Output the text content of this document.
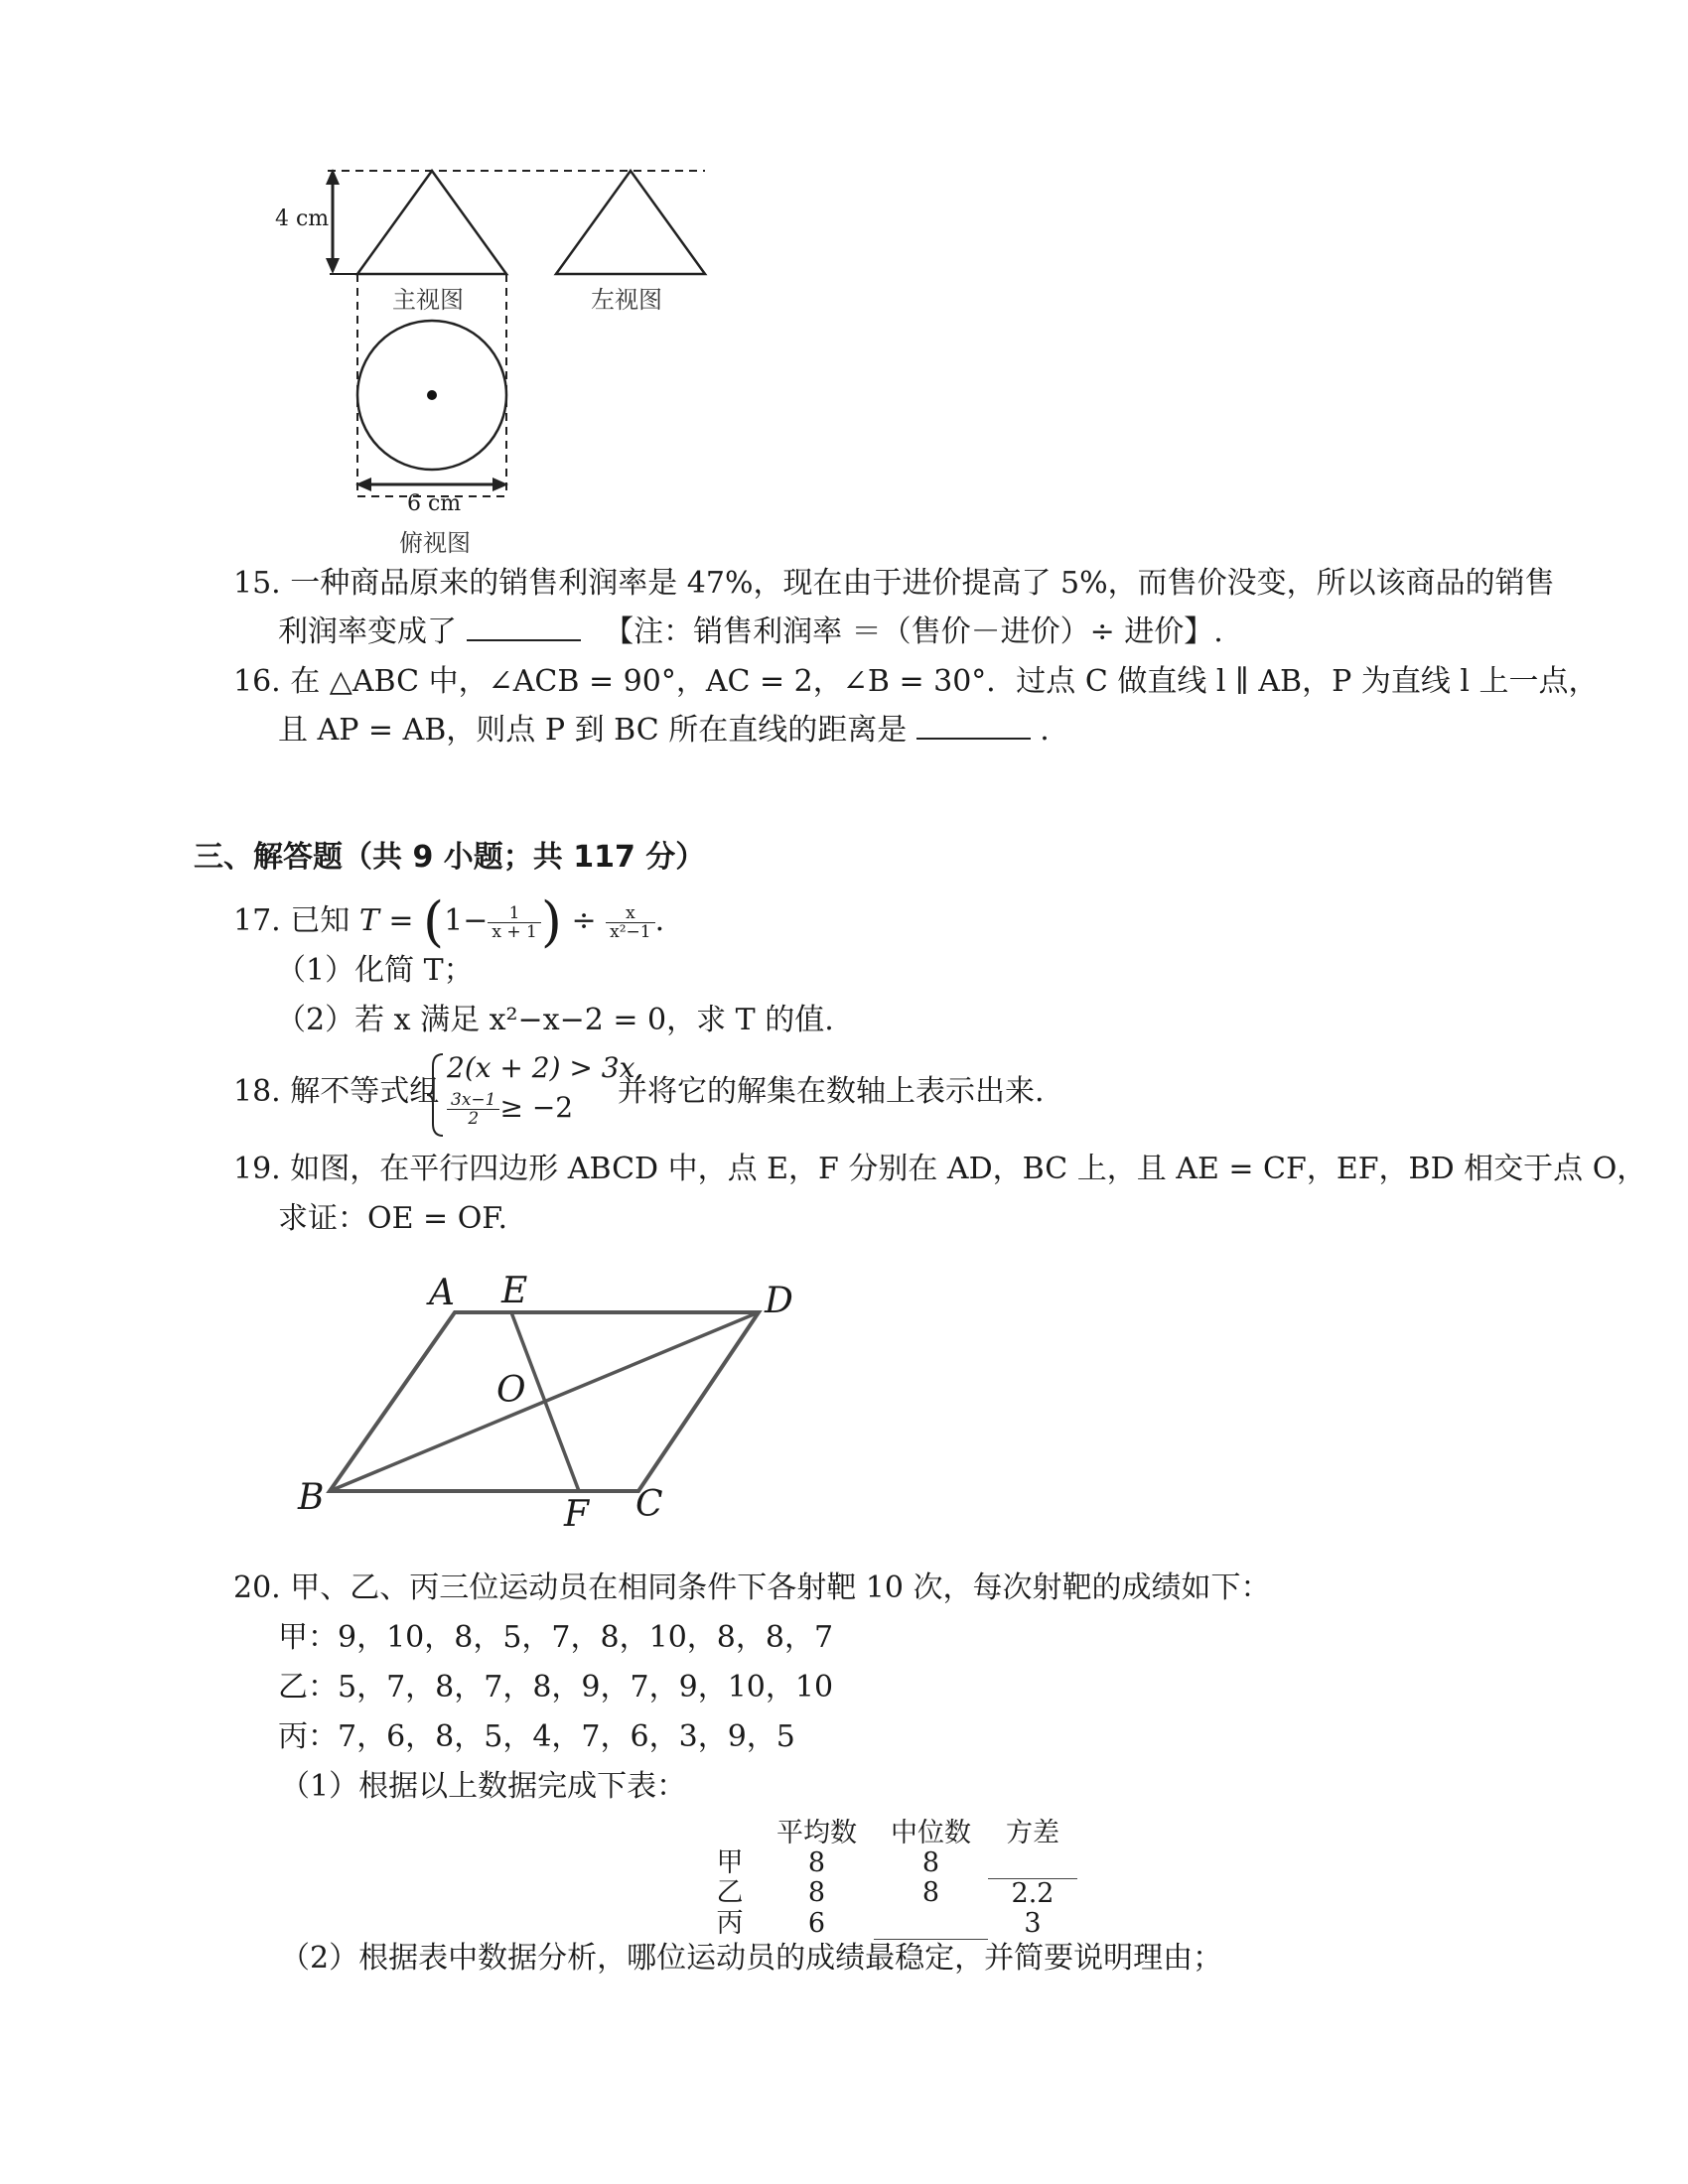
4 cm
主视图	左视图
6 cm
俯视图
15. 一种商品原来的销售利润率是 47%，现在由于进价提高了 5%，而售价没变，所以该商品的销售
利润率变成了	【注：销售利润率 ＝（售价－进价）÷ 进价】.
16. 在 △ABC 中，∠ACB = 90°，AC = 2，∠B = 30°．过点 C 做直线 l ∥ AB，P 为直线 l 上一点，
且 AP = AB，则点 P 到 BC 所在直线的距离是	.
三、解答题（共 9 小题；共 117 分）
17. 已知 $T = (1- \frac{1}{x + 1}$ ) ÷ $\frac{x}{\text{x²−1}}$ .
（1）化简 T；
（2）若 x 满足 x²−x−2 = 0，求 T 的值.
18. 解不等式组
2(x + 2) > 3x,
$\frac{3x-1}{2} \ge -2$ 并将它的解集在数轴上表示出来.
19. 如图，在平行四边形 ABCD 中，点 E，F 分别在 AD，BC 上，且 AE = CF，EF，BD 相交于点 O，
求证：OE = OF.
A E	D
O
B	F C
20. 甲、乙、丙三位运动员在相同条件下各射靶 10 次，每次射靶的成绩如下：
甲：9，10，8，5，7，8，10，8，8，7
乙：5，7，8，7，8，9，7，9，10，10
丙：7，6，8，5，4，7，6，3，9，5
（1）根据以上数据完成下表：
	平均数	中位数	方差
甲	8	8	
乙	8	8	2.2
丙	6		3
（2）根据表中数据分析，哪位运动员的成绩最稳定，并简要说明理由；
